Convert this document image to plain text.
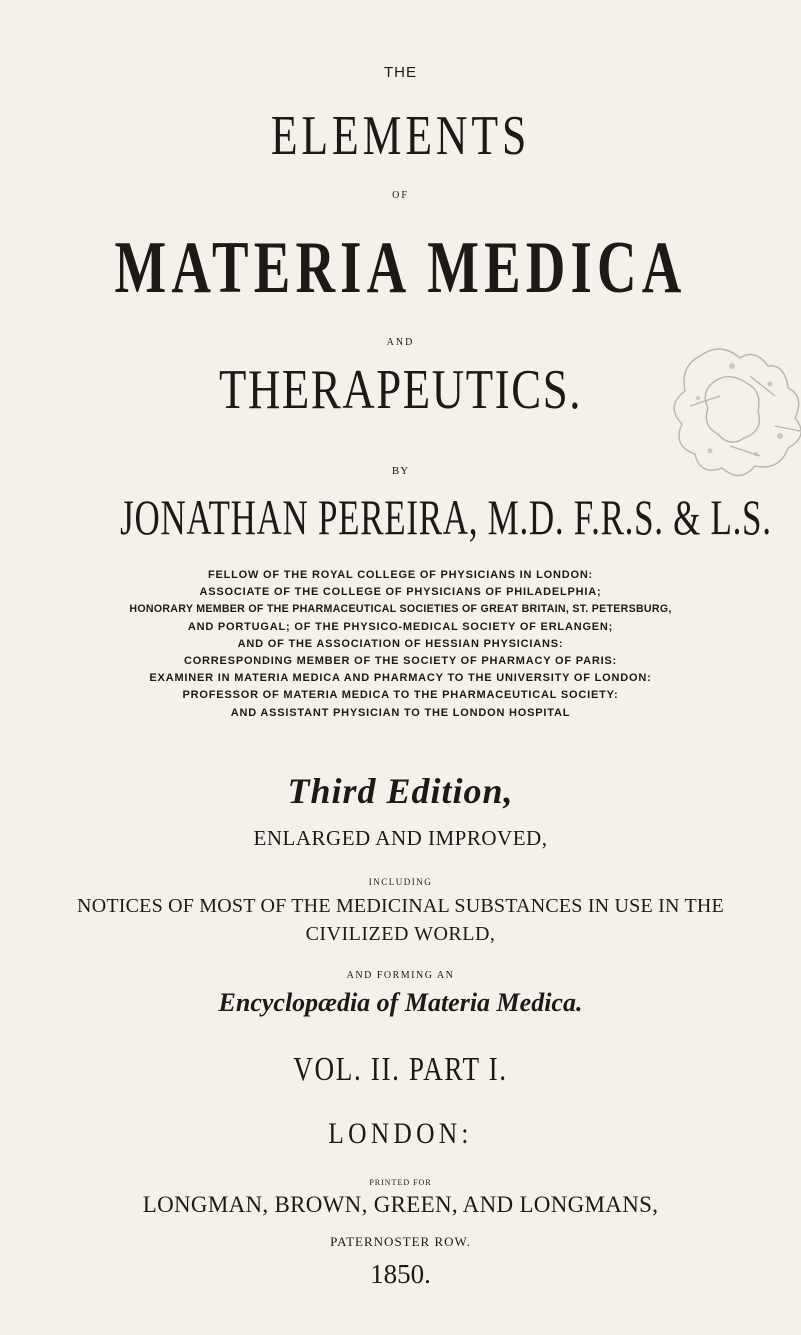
THE
ELEMENTS
OF
MATERIA MEDICA
AND
THERAPEUTICS.
BY
JONATHAN PEREIRA, M.D. F.R.S. & L.S.
FELLOW OF THE ROYAL COLLEGE OF PHYSICIANS IN LONDON:
ASSOCIATE OF THE COLLEGE OF PHYSICIANS OF PHILADELPHIA;
HONORARY MEMBER OF THE PHARMACEUTICAL SOCIETIES OF GREAT BRITAIN, ST. PETERSBURG,
AND PORTUGAL; OF THE PHYSICO-MEDICAL SOCIETY OF ERLANGEN;
AND OF THE ASSOCIATION OF HESSIAN PHYSICIANS:
CORRESPONDING MEMBER OF THE SOCIETY OF PHARMACY OF PARIS:
EXAMINER IN MATERIA MEDICA AND PHARMACY TO THE UNIVERSITY OF LONDON:
PROFESSOR OF MATERIA MEDICA TO THE PHARMACEUTICAL SOCIETY:
AND ASSISTANT PHYSICIAN TO THE LONDON HOSPITAL
Third Edition,
ENLARGED AND IMPROVED,
INCLUDING
NOTICES OF MOST OF THE MEDICINAL SUBSTANCES IN USE IN THE
CIVILIZED WORLD,
AND FORMING AN
Encyclopædia of Materia Medica.
VOL. II. PART I.
LONDON:
PRINTED FOR
LONGMAN, BROWN, GREEN, AND LONGMANS,
PATERNOSTER ROW.
1850.
